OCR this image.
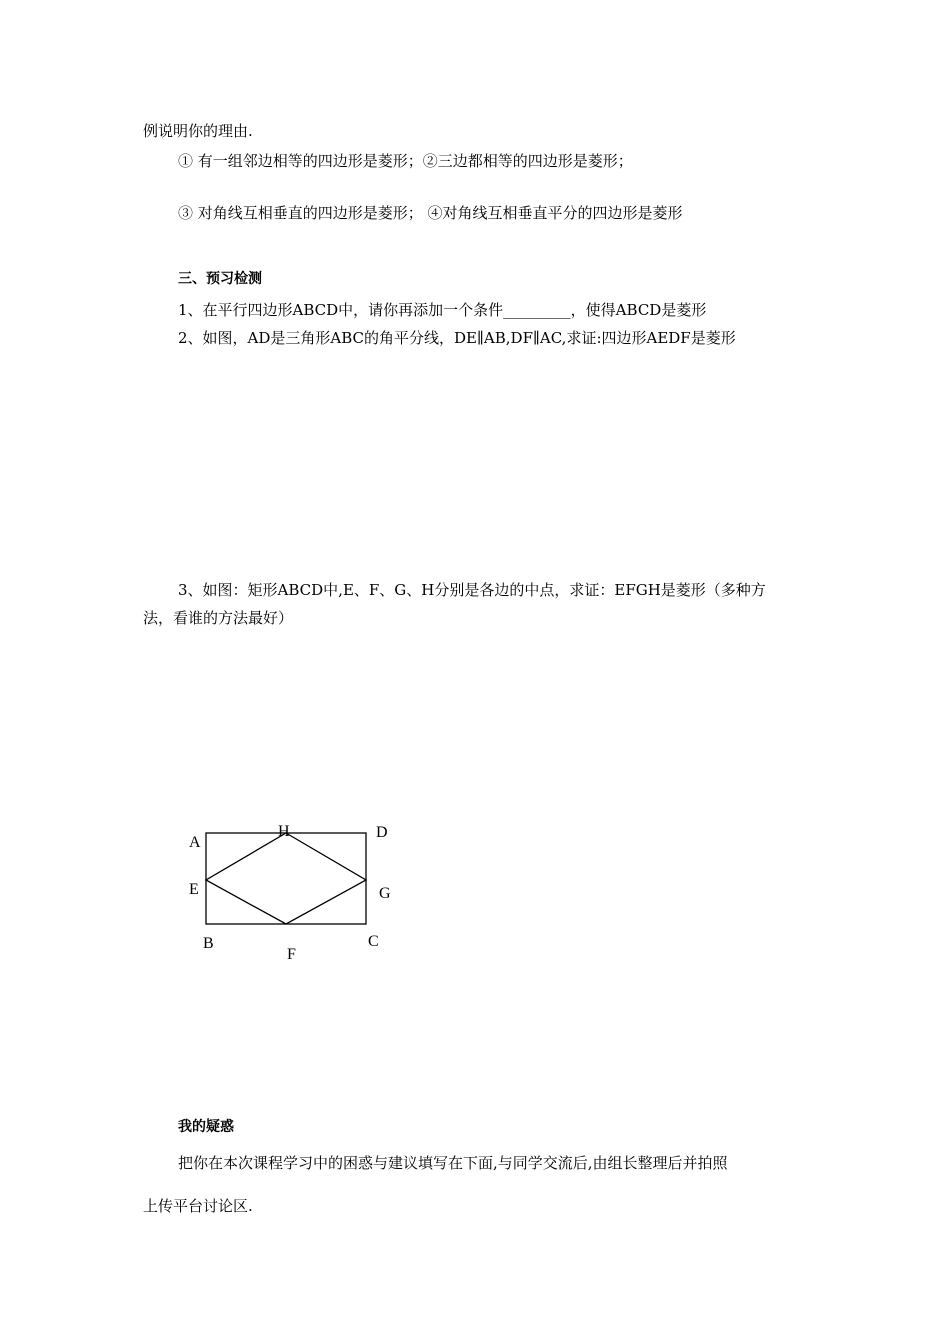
例说明你的理由.
① 有一组邻边相等的四边形是菱形；②三边都相等的四边形是菱形；
③ 对角线互相垂直的四边形是菱形； ④对角线互相垂直平分的四边形是菱形
三、预习检测
1、在平行四边形ABCD中，请你再添加一个条件_________，使得ABCD是菱形
2、如图，AD是三角形ABC的角平分线，DE∥AB,DF∥AC,求证:四边形AEDF是菱形
3、如图：矩形ABCD中,E、F、G、H分别是各边的中点，求证：EFGH是菱形（多种方
法，看谁的方法最好）
A
H	D
E	G
B	C
F
我的疑惑
把你在本次课程学习中的困惑与建议填写在下面,与同学交流后,由组长整理后并拍照
上传平台讨论区.
